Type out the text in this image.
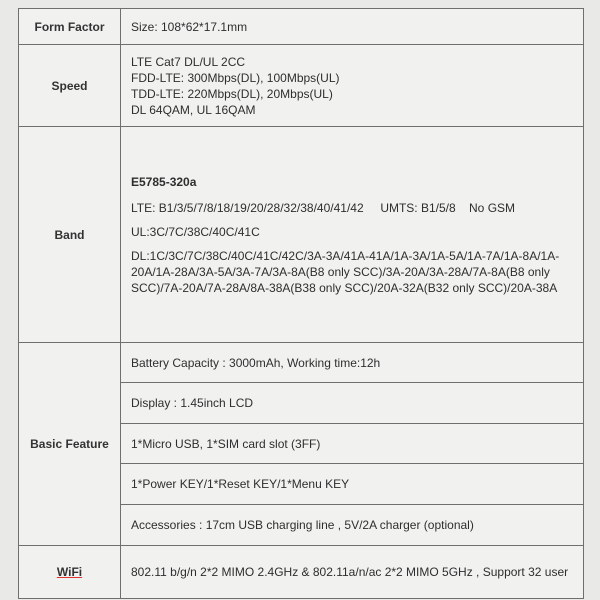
Form Factor	Size: 108*62*17.1mm
Speed	LTE Cat7 DL/UL 2CC
FDD-LTE: 300Mbps(DL), 100Mbps(UL)
TDD-LTE: 220Mbps(DL), 20Mbps(UL)
DL 64QAM, UL 16QAM

Band	E5785-320a
LTE: B1/3/5/7/8/18/19/20/28/32/38/40/41/42 UMTS: B1/5/8 No GSM
UL:3C/7C/38C/40C/41C
DL:1C/3C/7C/38C/40C/41C/42C/3A-3A/41A-41A/1A-3A/1A-5A/1A-7A/1A-8A/1A-20A/1A-28A/3A-5A/3A-7A/3A-8A(B8 only SCC)/3A-20A/3A-28A/7A-8A(B8 only SCC)/7A-20A/7A-28A/8A-38A(B38 only SCC)/20A-32A(B32 only SCC)/20A-38A

Basic Feature	Battery Capacity : 3000mAh, Working time:12h
	Display : 1.45inch LCD
	1*Micro USB, 1*SIM card slot (3FF)
	1*Power KEY/1*Reset KEY/1*Menu KEY
	Accessories : 17cm USB charging line , 5V/2A charger (optional)
WiFi	802.11 b/g/n 2*2 MIMO 2.4GHz & 802.11a/n/ac 2*2 MIMO 5GHz , Support 32 user
